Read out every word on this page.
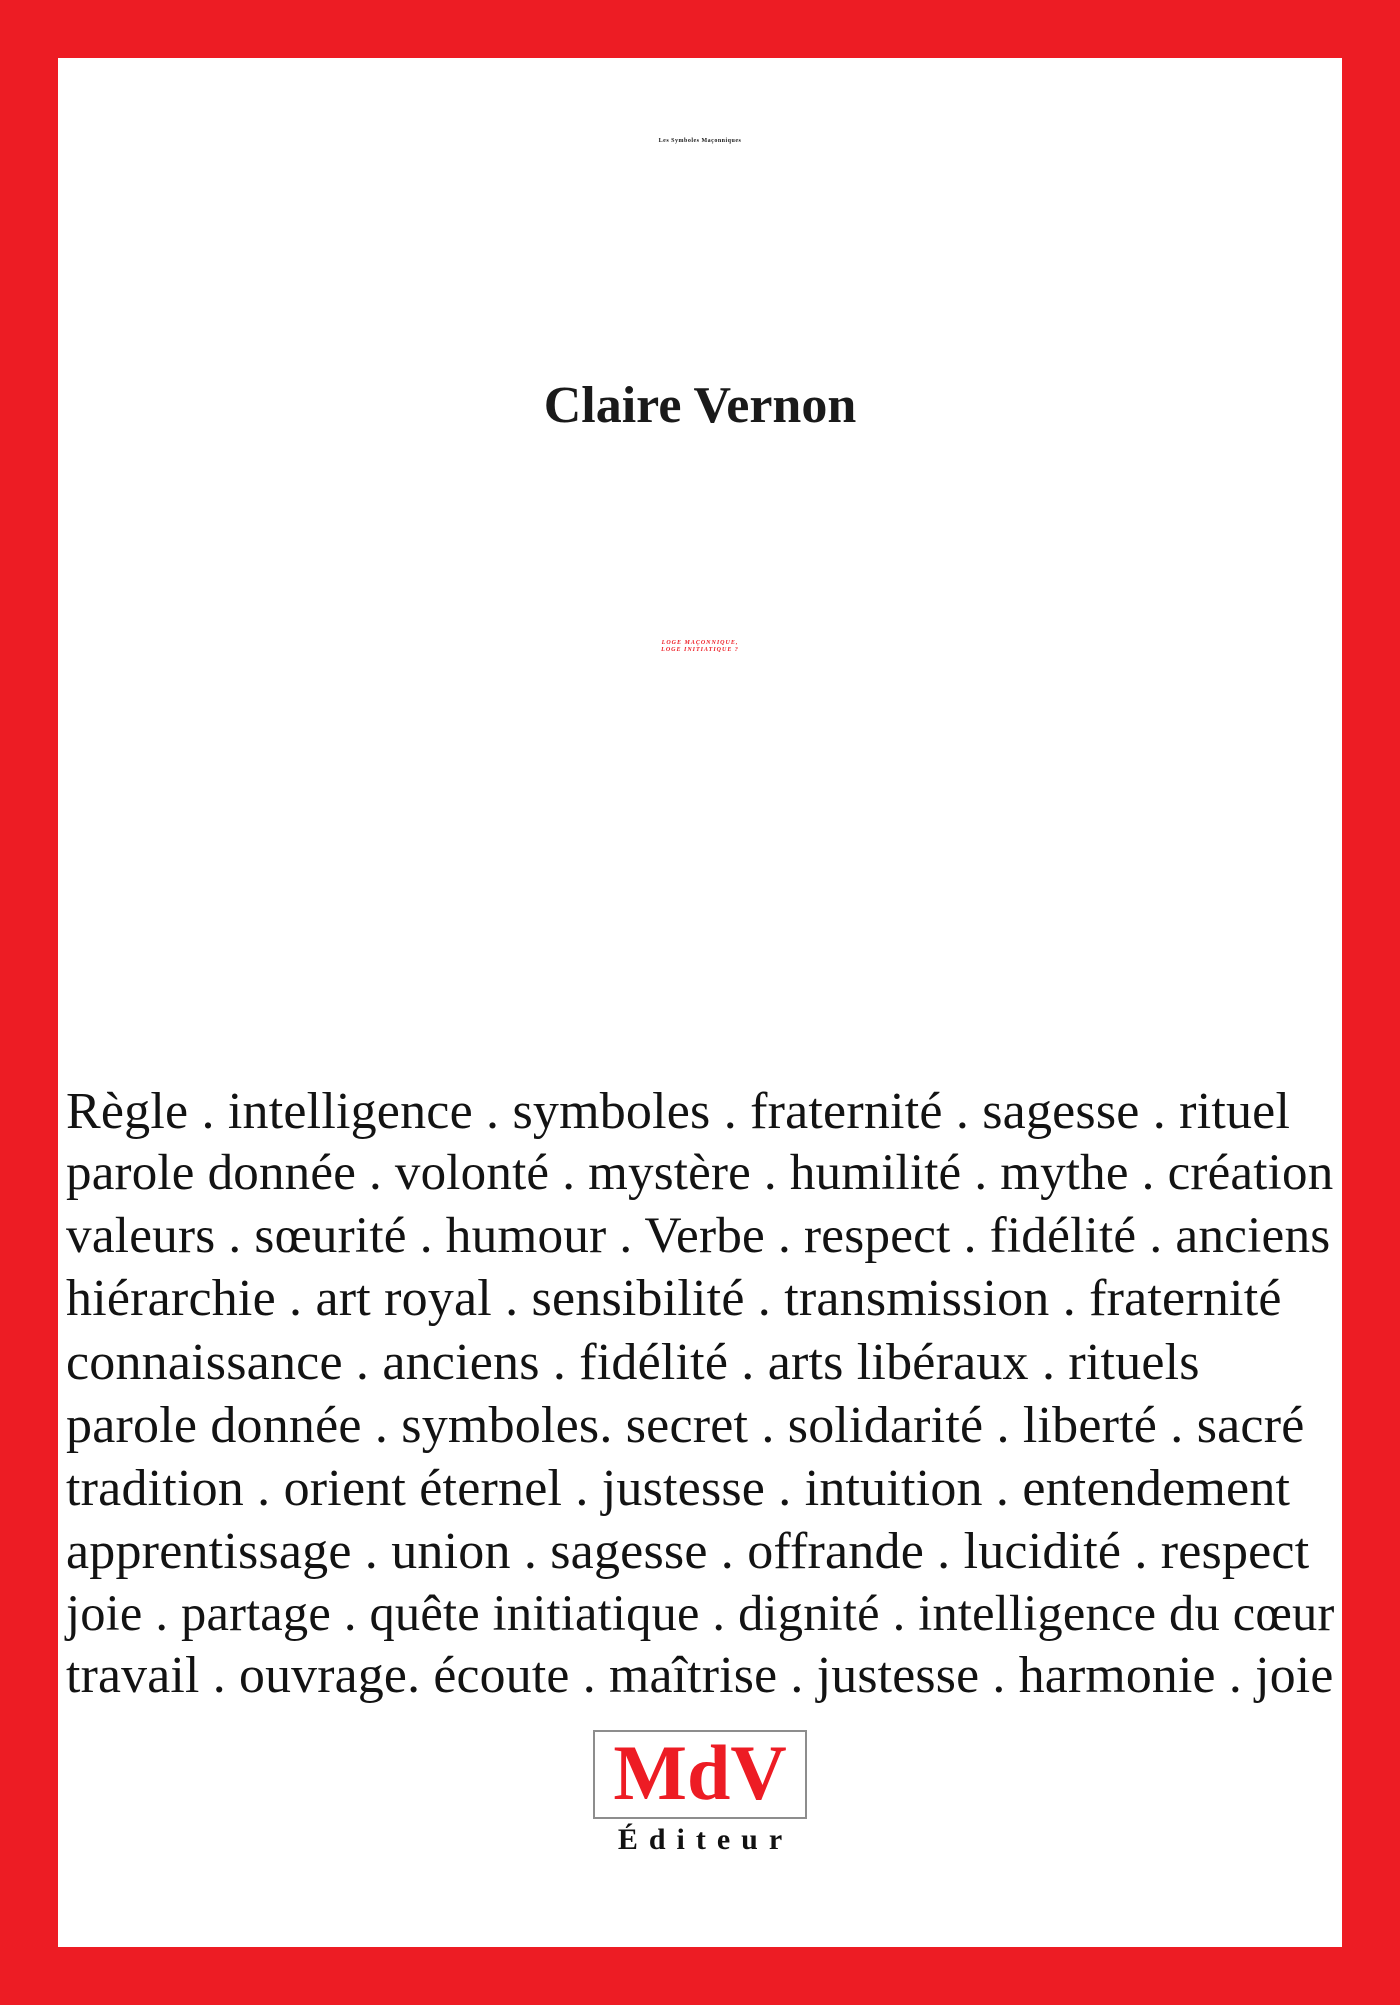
Les Symboles Maçonniques
Claire Vernon
LOGE MAÇONNIQUE,
LOGE INITIATIQUE ?
Règle . intelligence . symboles . fraternité . sagesse . rituel
parole donnée . volonté . mystère . humilité . mythe . création
valeurs . sœurité . humour . Verbe . respect . fidélité . anciens
hiérarchie . art royal . sensibilité . transmission . fraternité
connaissance . anciens . fidélité . arts libéraux . rituels
parole donnée . symboles. secret . solidarité . liberté . sacré
tradition . orient éternel . justesse . intuition . entendement
apprentissage . union . sagesse . offrande . lucidité . respect
joie . partage . quête initiatique . dignité . intelligence du cœur
travail . ouvrage. écoute . maîtrise . justesse . harmonie . joie
MdV
Éditeur
